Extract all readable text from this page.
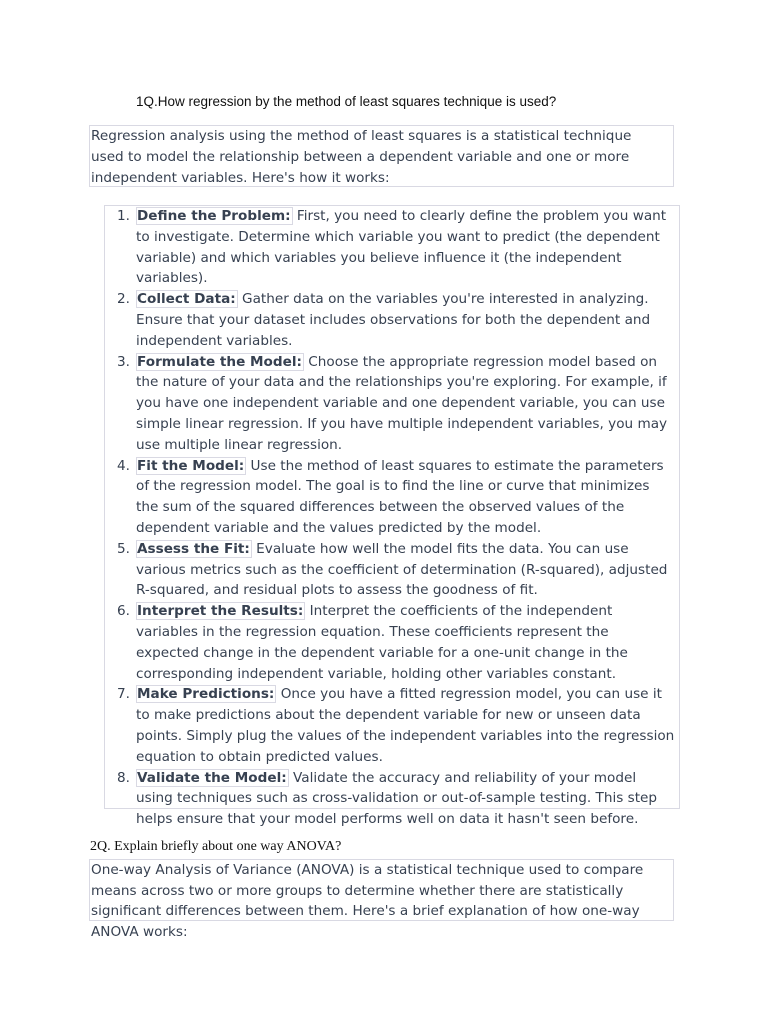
1Q.How regression by the method of least squares technique is used?
Regression analysis using the method of least squares is a statistical technique used to model the relationship between a dependent variable and one or more independent variables. Here's how it works:
1. Define the Problem: First, you need to clearly define the problem you want to investigate. Determine which variable you want to predict (the dependent variable) and which variables you believe influence it (the independent variables).
2. Collect Data: Gather data on the variables you're interested in analyzing. Ensure that your dataset includes observations for both the dependent and independent variables.
3. Formulate the Model: Choose the appropriate regression model based on the nature of your data and the relationships you're exploring. For example, if you have one independent variable and one dependent variable, you can use simple linear regression. If you have multiple independent variables, you may use multiple linear regression.
4. Fit the Model: Use the method of least squares to estimate the parameters of the regression model. The goal is to find the line or curve that minimizes the sum of the squared differences between the observed values of the dependent variable and the values predicted by the model.
5. Assess the Fit: Evaluate how well the model fits the data. You can use various metrics such as the coefficient of determination (R-squared), adjusted R-squared, and residual plots to assess the goodness of fit.
6. Interpret the Results: Interpret the coefficients of the independent variables in the regression equation. These coefficients represent the expected change in the dependent variable for a one-unit change in the corresponding independent variable, holding other variables constant.
7. Make Predictions: Once you have a fitted regression model, you can use it to make predictions about the dependent variable for new or unseen data points. Simply plug the values of the independent variables into the regression equation to obtain predicted values.
8. Validate the Model: Validate the accuracy and reliability of your model using techniques such as cross-validation or out-of-sample testing. This step helps ensure that your model performs well on data it hasn't seen before.
2Q. Explain briefly about one way ANOVA?
One-way Analysis of Variance (ANOVA) is a statistical technique used to compare means across two or more groups to determine whether there are statistically significant differences between them. Here's a brief explanation of how one-way ANOVA works:
